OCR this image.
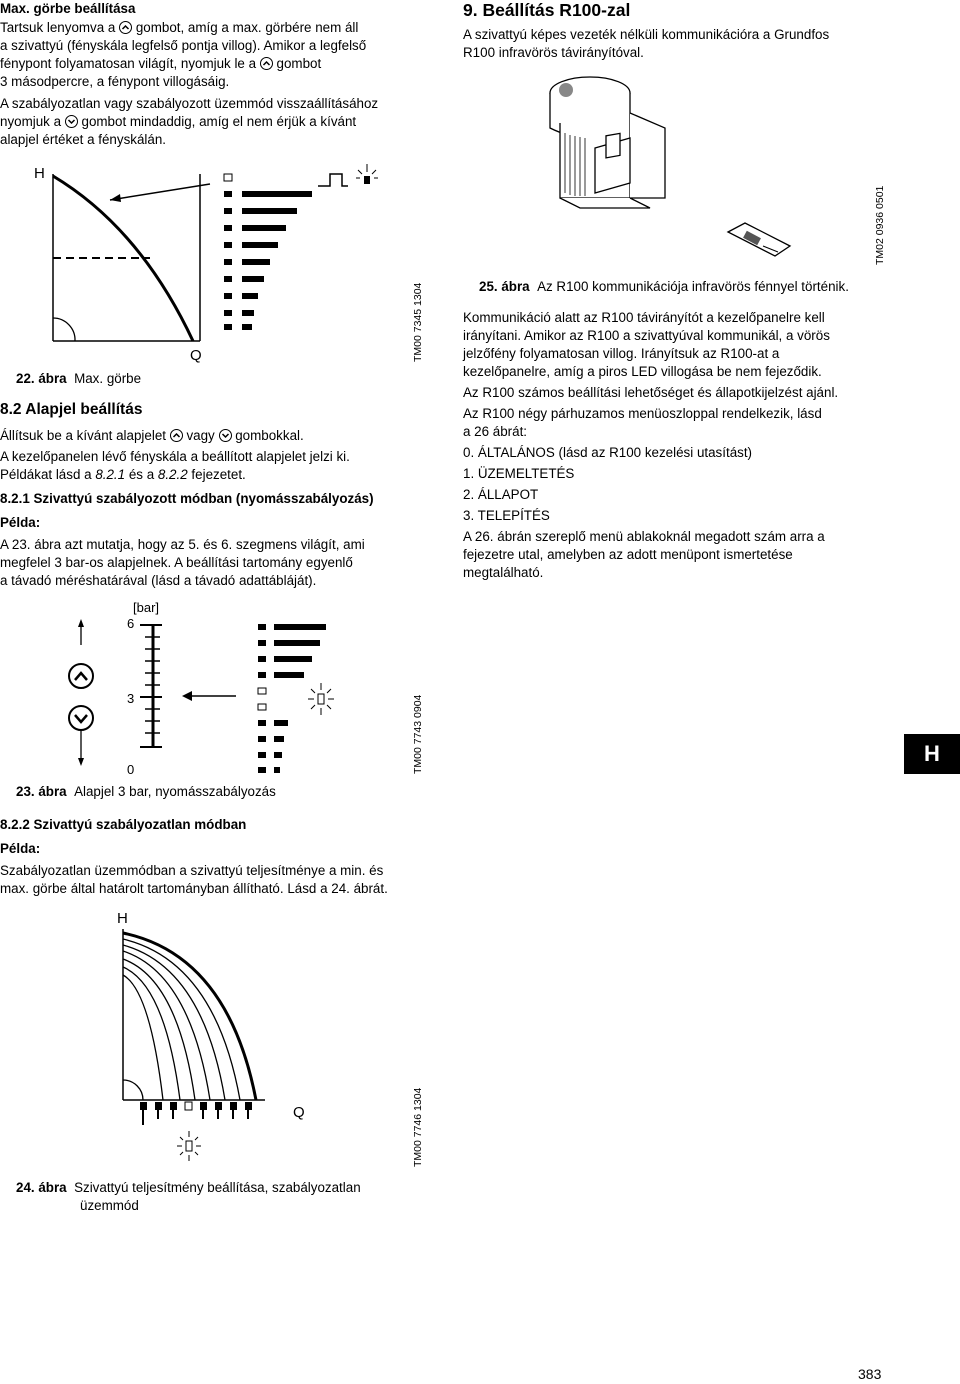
Max. görbe beállítása

Tartsuk lenyomva a gombot, amíg a max. görbére nem áll

a szivattyú (fényskála legfelső pontja villog). Amikor a legfelső

fénypont folyamatosan világít, nyomjuk le a gombot

3 másodpercre, a fénypont villogásáig.

A szabályozatlan vagy szabályozott üzemmód visszaállításához

nyomjuk a gombot mindaddig, amíg el nem érjük a kívánt

alapjel értéket a fényskálán.

H
Q	TM00 7345 1304
22. ábra Max. görbe
8.2 Alapjel beállítás

Állítsuk be a kívánt alapjelet vagy gombokkal.

A kezelőpanelen lévő fényskála a beállított alapjelet jelzi ki.

Példákat lásd a 8.2.1 és a 8.2.2 fejezetet.

8.2.1 Szivattyú szabályozott módban (nyomásszabályozás)
Példa:

A 23. ábra azt mutatja, hogy az 5. és 6. szegmens világít, ami

megfelel 3 bar-os alapjelnek. A beállítási tartomány egyenlő

a távadó méréshatárával (lásd a távadó adattábláját).

[bar]
6
3
0	TM00 7743 0904
23. ábra Alapjel 3 bar, nyomásszabályozás
8.2.2 Szivattyú szabályozatlan módban
Példa:

Szabályozatlan üzemmódban a szivattyú teljesítménye a min. és

max. görbe által határolt tartományban állítható. Lásd a 24. ábrát.

H
Q	TM00 7746 1304
24. ábra Szivattyú teljesítmény beállítása, szabályozatlan
üzemmód
9. Beállítás R100-zal

A szivattyú képes vezeték nélküli kommunikációra a Grundfos

R100 infravörös távirányítóval.

TM02 0936 0501
25. ábra Az R100 kommunikációja infravörös fénnyel történik.

Kommunikáció alatt az R100 távirányítót a kezelőpanelre kell

irányítani. Amikor az R100 a szivattyúval kommunikál, a vörös

jelzőfény folyamatosan villog. Irányítsuk az R100-at a

kezelőpanelre, amíg a piros LED villogása be nem fejeződik.

Az R100 számos beállítási lehetőséget és állapotkijelzést ajánl.

Az R100 négy párhuzamos menüoszloppal rendelkezik, lásd

a 26 ábrát:

0. ÁLTALÁNOS (lásd az R100 kezelési utasítást)

1. ÜZEMELTETÉS

2. ÁLLAPOT

3. TELEPÍTÉS

A 26. ábrán szereplő menü ablakoknál megadott szám arra a

fejezetre utal, amelyben az adott menüpont ismertetése

megtalálható.

H
383
